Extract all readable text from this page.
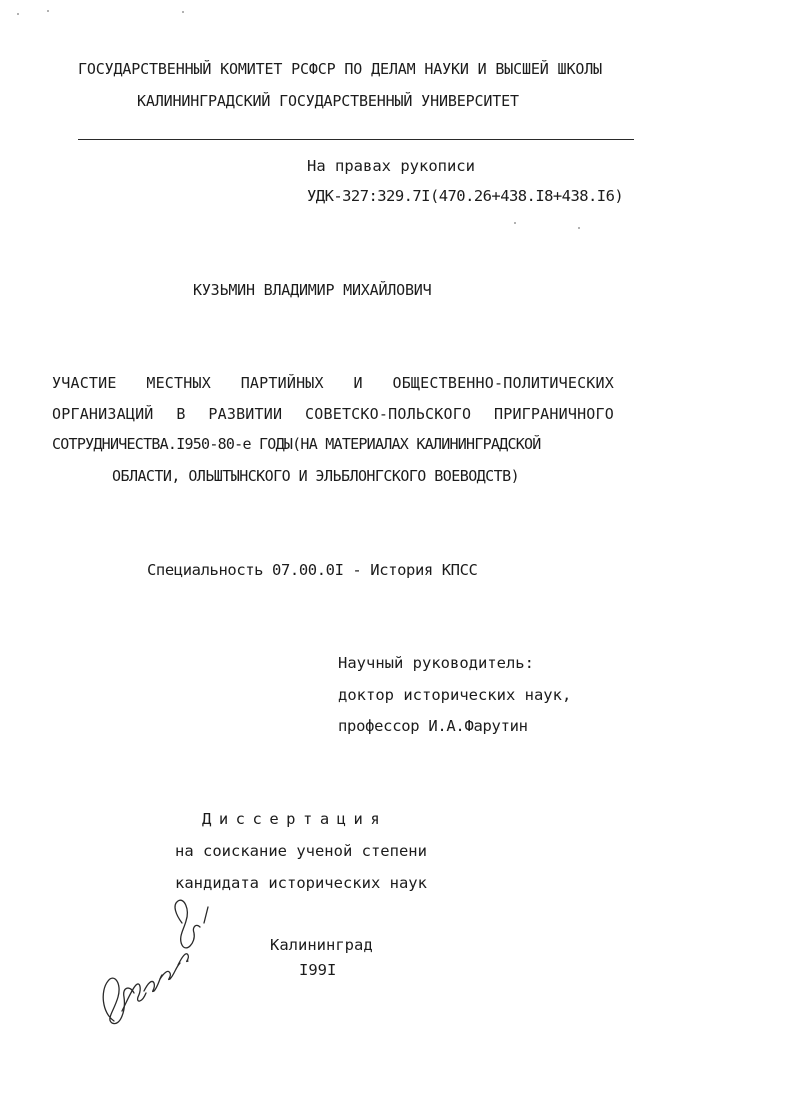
ГОСУДАРСТВЕННЫЙ КОМИТЕТ РСФСР ПО ДЕЛАМ НАУКИ И ВЫСШЕЙ ШКОЛЫ
КАЛИНИНГРАДСКИЙ ГОСУДАРСТВЕННЫЙ УНИВЕРСИТЕТ
На правах рукописи
УДК-327:329.7I(470.26+438.I8+438.I6)
КУЗЬМИН ВЛАДИМИР МИХАЙЛОВИЧ
УЧАСТИЕ МЕСТНЫХ ПАРТИЙНЫХ И ОБЩЕСТВЕННО-ПОЛИТИЧЕСКИХ
ОРГАНИЗАЦИЙ В РАЗВИТИИ СОВЕТСКО-ПОЛЬСКОГО ПРИГРАНИЧНОГО
СОТРУДНИЧЕСТВА.I950-80-е ГОДЫ(НА МАТЕРИАЛАХ КАЛИНИНГРАДСКОЙ
ОБЛАСТИ, ОЛЬШТЫНСКОГО И ЭЛЬБЛОНГСКОГО ВОЕВОДСТВ)
Специальность 07.00.0I - История КПСС
Научный руководитель:
доктор исторических наук,
профессор И.А.Фарутин
Диссертация
на соискание ученой степени
кандидата исторических наук
Калининград
I99I
